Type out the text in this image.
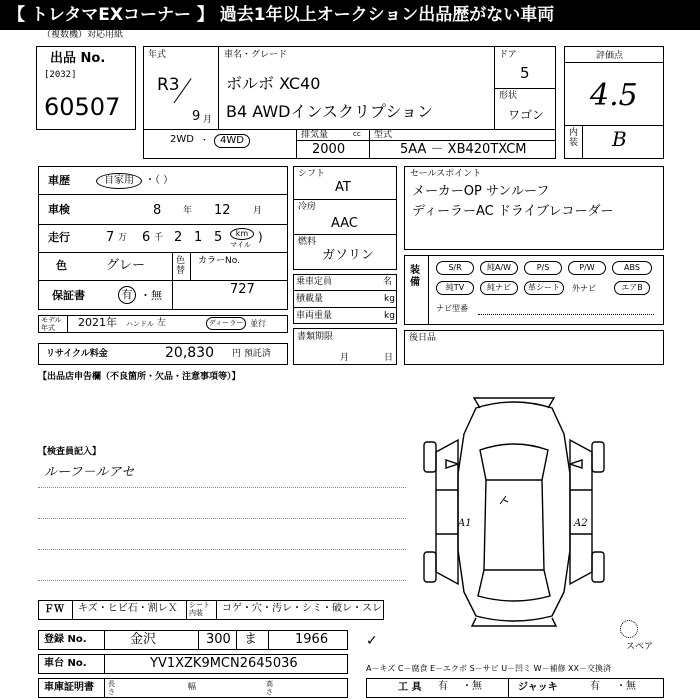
【 トレタマEXコーナー 】 過去1年以上オークション出品歴がない車両
（複数機）対応用紙
出品 No.
[2032]
60507
年式
R3
9 月
車名・グレード
ボルボ XC40
B4 AWDインスクリプション
ドア
5
形状
ワゴン
2WD ・	4WD	排気量	cc
2000
型式
5AA － XB420TXCM
評価点
4.5
内装 B
車歴	自家用	・（ ）
車検	8 年 12 月
走行	7 万 6 千 2 1 5	km
マイル
)
色	グレー	色替
カラーNo.
727
保証書	有 ・無
モデル年式	2021年 ハンドル 左	ディーラー 並行
リサイクル料金	20,830 円 預託済
シフト
AT
冷房
AAC
燃料
ガソリン
乗車定員	名
積載量	kg
車両重量	kg
書類期限
月	日
セールスポイント
メーカーOP サンルーフ
ディーラーAC ドライブレコーダー
装備
S/R	純A/W	P/S	P/W	ABS
純TV	純ナビ	革シート	外ナビ	エアB
ナビ型番
後日品
【出品店申告欄（不良箇所・欠品・注意事項等）】
【検査員記入】
ルーフ－ルアセ
A1	A2
スペア
✓
ＦＷ キズ・ヒビ石・割レＸ シート内装	コゲ・穴・汚レ・シミ・破レ・スレ
登録 No.	金沢	300 ま	1966
車台 No.	YV1XZK9MCN2645036
車庫証明書 長さ
幅	高さ
A－キズ C－腐食 E－エクボ S－サビ U－凹ミ W－補修 XX－交換済
工 具 有 ・無	ジャッキ	有 ・無
